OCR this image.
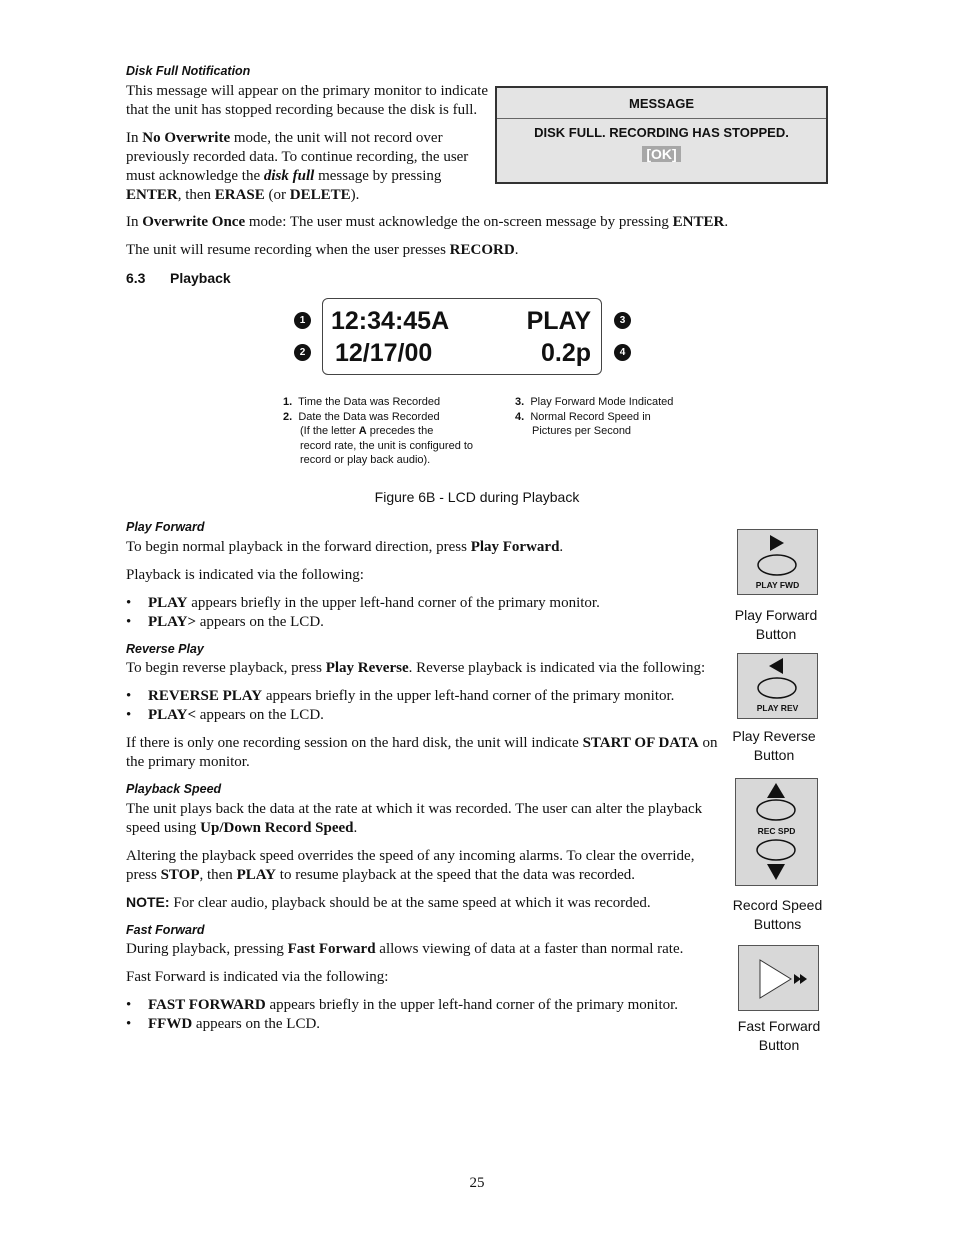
Disk Full Notification
This message will appear on the primary monitor to indicate that the unit has stopped recording because the disk is full.
In No Overwrite mode, the unit will not record over previously recorded data. To continue recording, the user must acknowledge the disk full message by pressing ENTER, then ERASE (or DELETE).
MESSAGE
DISK FULL. RECORDING HAS STOPPED.
[OK]
In Overwrite Once mode: The user must acknowledge the on-screen message by pressing ENTER.
The unit will resume recording when the user presses RECORD.
6.3 Playback
12:34:45A	PLAY
12/17/00	0.2p
1
2
3
4
1. Time the Data was Recorded
2. Date the Data was Recorded
(If the letter A precedes the
record rate, the unit is configured to
record or play back audio).
3. Play Forward Mode Indicated
4. Normal Record Speed in
Pictures per Second
Figure 6B - LCD during Playback
Play Forward
To begin normal playback in the forward direction, press Play Forward.
Playback is indicated via the following:
• PLAY appears briefly in the upper left-hand corner of the primary monitor.
• PLAY> appears on the LCD.
Reverse Play
To begin reverse playback, press Play Reverse. Reverse playback is indicated via the following:
• REVERSE PLAY appears briefly in the upper left-hand corner of the primary monitor.
• PLAY< appears on the LCD.
If there is only one recording session on the hard disk, the unit will indicate START OF DATA on the primary monitor.
Playback Speed
The unit plays back the data at the rate at which it was recorded. The user can alter the playback speed using Up/Down Record Speed.
Altering the playback speed overrides the speed of any incoming alarms. To clear the override, press STOP, then PLAY to resume playback at the speed that the data was recorded.
NOTE: For clear audio, playback should be at the same speed at which it was recorded.
Fast Forward
During playback, pressing Fast Forward allows viewing of data at a faster than normal rate.
Fast Forward is indicated via the following:
• FAST FORWARD appears briefly in the upper left-hand corner of the primary monitor.
• FFWD appears on the LCD.
PLAY FWD
Play Forward
Button
PLAY REV
Play Reverse
Button
REC SPD
Record Speed
Buttons
Fast Forward
Button
25
